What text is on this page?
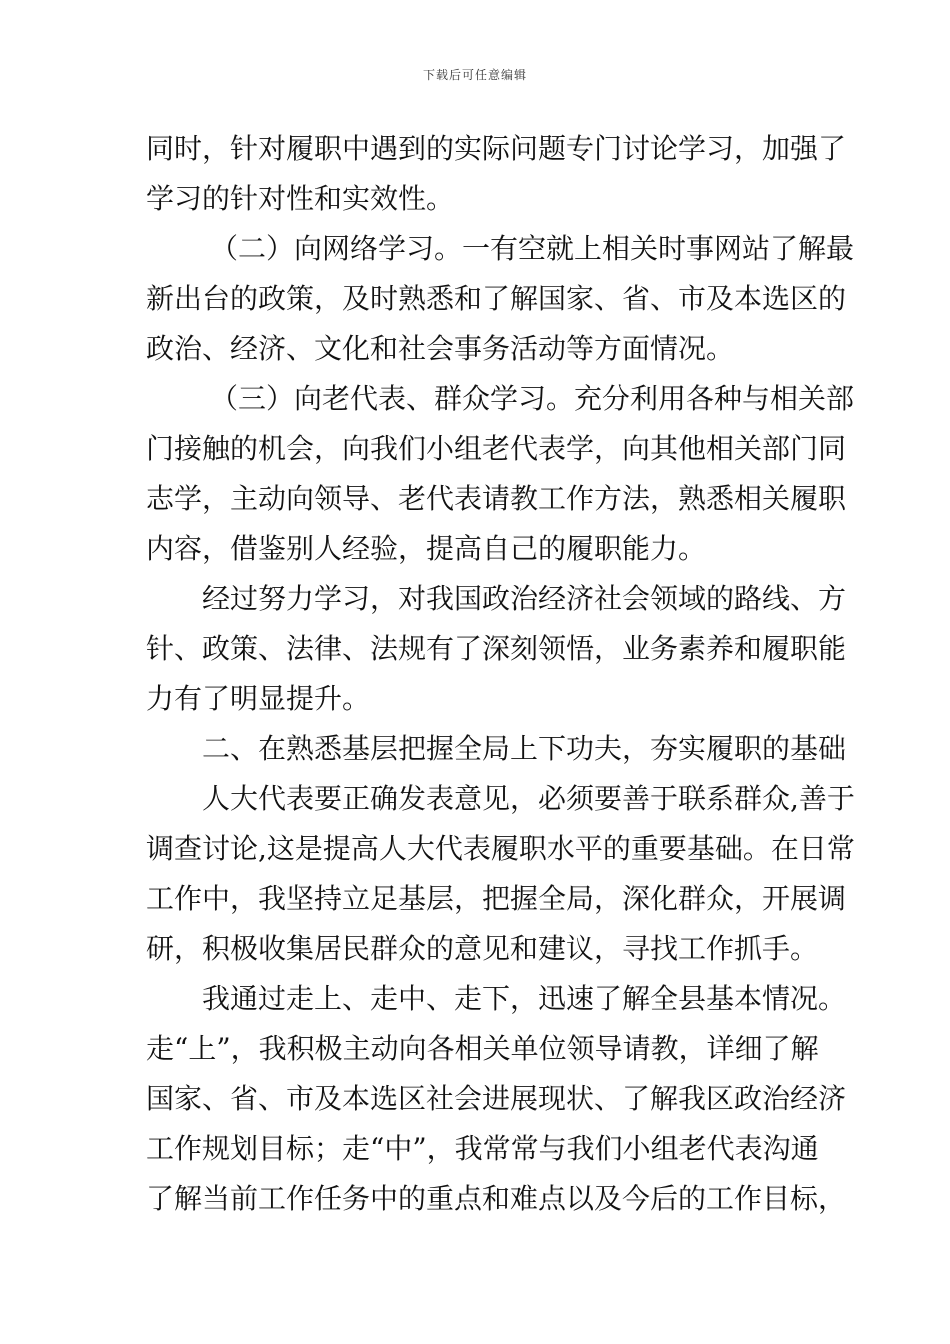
下载后可任意编辑
同时，针对履职中遇到的实际问题专门讨论学习，加强了
学习的针对性和实效性。
（二）向网络学习。一有空就上相关时事网站了解最
新出台的政策，及时熟悉和了解国家、省、市及本选区的
政治、经济、文化和社会事务活动等方面情况。
（三）向老代表、群众学习。充分利用各种与相关部
门接触的机会，向我们小组老代表学，向其他相关部门同
志学，主动向领导、老代表请教工作方法，熟悉相关履职
内容，借鉴别人经验，提高自己的履职能力。
经过努力学习，对我国政治经济社会领域的路线、方
针、政策、法律、法规有了深刻领悟，业务素养和履职能
力有了明显提升。
二、在熟悉基层把握全局上下功夫，夯实履职的基础
人大代表要正确发表意见，必须要善于联系群众,善于
调查讨论,这是提高人大代表履职水平的重要基础。在日常
工作中，我坚持立足基层，把握全局，深化群众，开展调
研，积极收集居民群众的意见和建议，寻找工作抓手。
我通过走上、走中、走下，迅速了解全县基本情况。
走“上”，我积极主动向各相关单位领导请教，详细了解
国家、省、市及本选区社会进展现状、了解我区政治经济
工作规划目标；走“中”，我常常与我们小组老代表沟通
了解当前工作任务中的重点和难点以及今后的工作目标，
